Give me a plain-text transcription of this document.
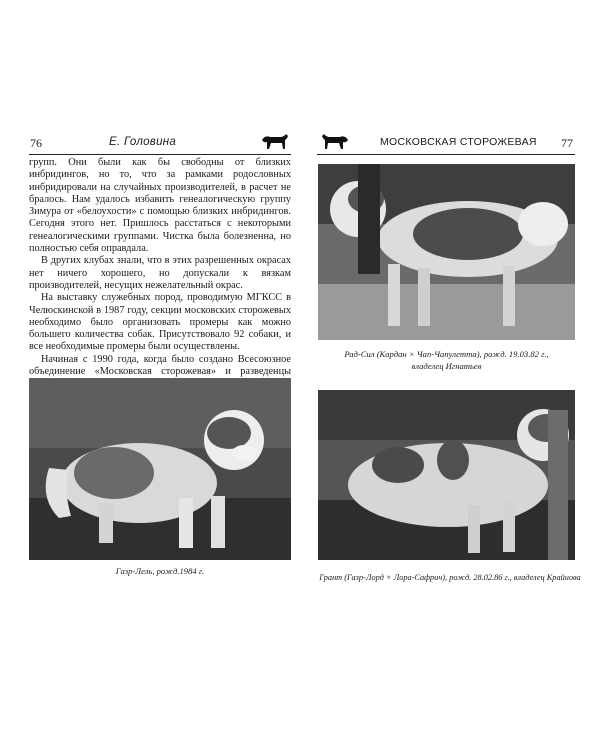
76	Е. Головина

групп. Они были как бы свободны от близких инбридингов, но то, что за рамками родословных инбридировали на случайных производителей, в расчет не бралось. Нам удалось избавить генеалогическую группу Зимура от «белоухости» с помощью близких инбридингов. Сегодня этого нет. Пришлось расстаться с некоторыми генеалогическими группами. Чистка была болезненна, но полностью себя оправдала.

В других клубах знали, что в этих разрешенных окрасах нет ничего хорошего, но допускали к вязкам производителей, несущих нежелательный окрас.

На выставку служебных пород, проводимую МГКСС в Челюскинской в 1987 году, секции московских сторожевых необходимо было организовать промеры как можно большего количества собак. Присутствовало 92 собаки, и все необходимые промеры были осуществлены.

Начиная с 1990 года, когда было создано Всесоюзное объединение «Московская сторожевая» и разведенцы

Газр-Лель, рожд.1984 г.
МОСКОВСКАЯ СТОРОЖЕВАЯ 77
Рад-Сил (Кардан × Чап-Чапулетта), рожд. 19.03.82 г.,
владелец Игнатьев
Грант (Газр-Лорд × Лора-Сафрич), рожд. 28.02.86 г., владелец Крайнова
